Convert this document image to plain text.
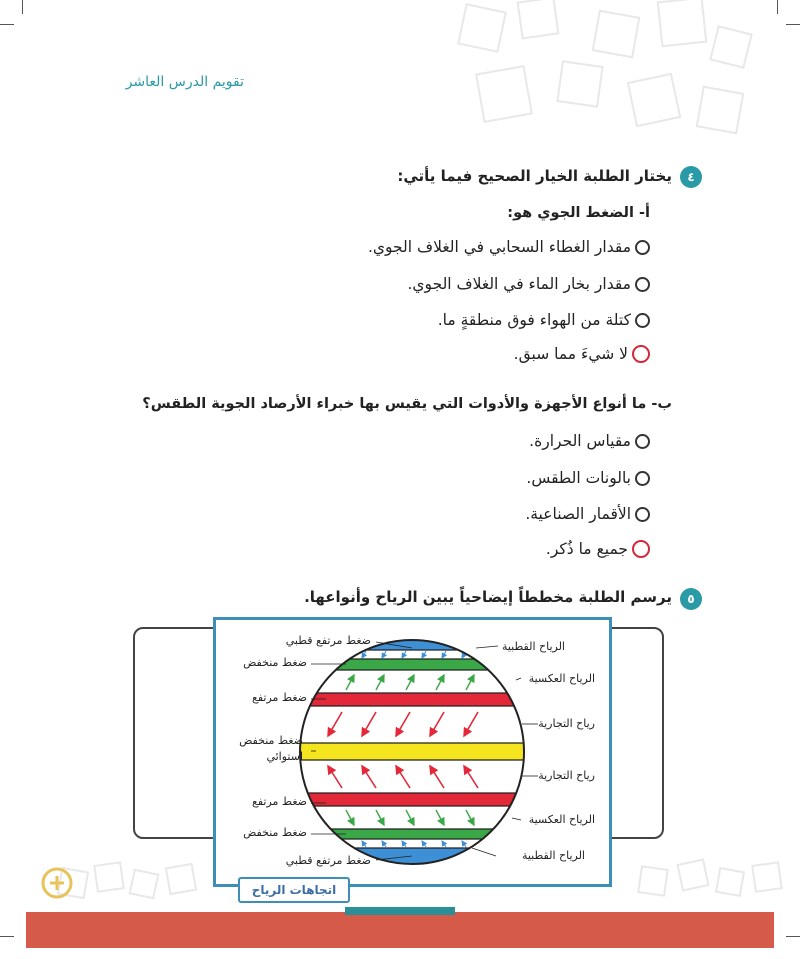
تقويم الدرس العاشر
٤
يختار الطلبة الخيار الصحيح فيما يأتي:
أ- الضغط الجوي هو:
مقدار الغطاء السحابي في الغلاف الجوي.
مقدار بخار الماء في الغلاف الجوي.
كتلة من الهواء فوق منطقةٍ ما.
لا شيءَ مما سبق.
ب- ما أنواع الأجهزة والأدوات التي يقيس بها خبراء الأرصاد الجوية الطقس؟
مقياس الحرارة.
بالونات الطقس.
الأقمار الصناعية.
جميع ما ذُكر.
٥
يرسم الطلبة مخططاً إيضاحياً يبين الرياح وأنواعها.
ضغط مرتفع قطبي
ضغط منخفض
ضغط مرتفع
ضغط منخفض
استوائي
ضغط مرتفع
ضغط منخفض
ضغط مرتفع قطبي
الرياح القطبية
الرياح العكسية
رياح التجارية
رياح التجارية
الرياح العكسية
الرياح القطبية
اتجاهات الرياح
